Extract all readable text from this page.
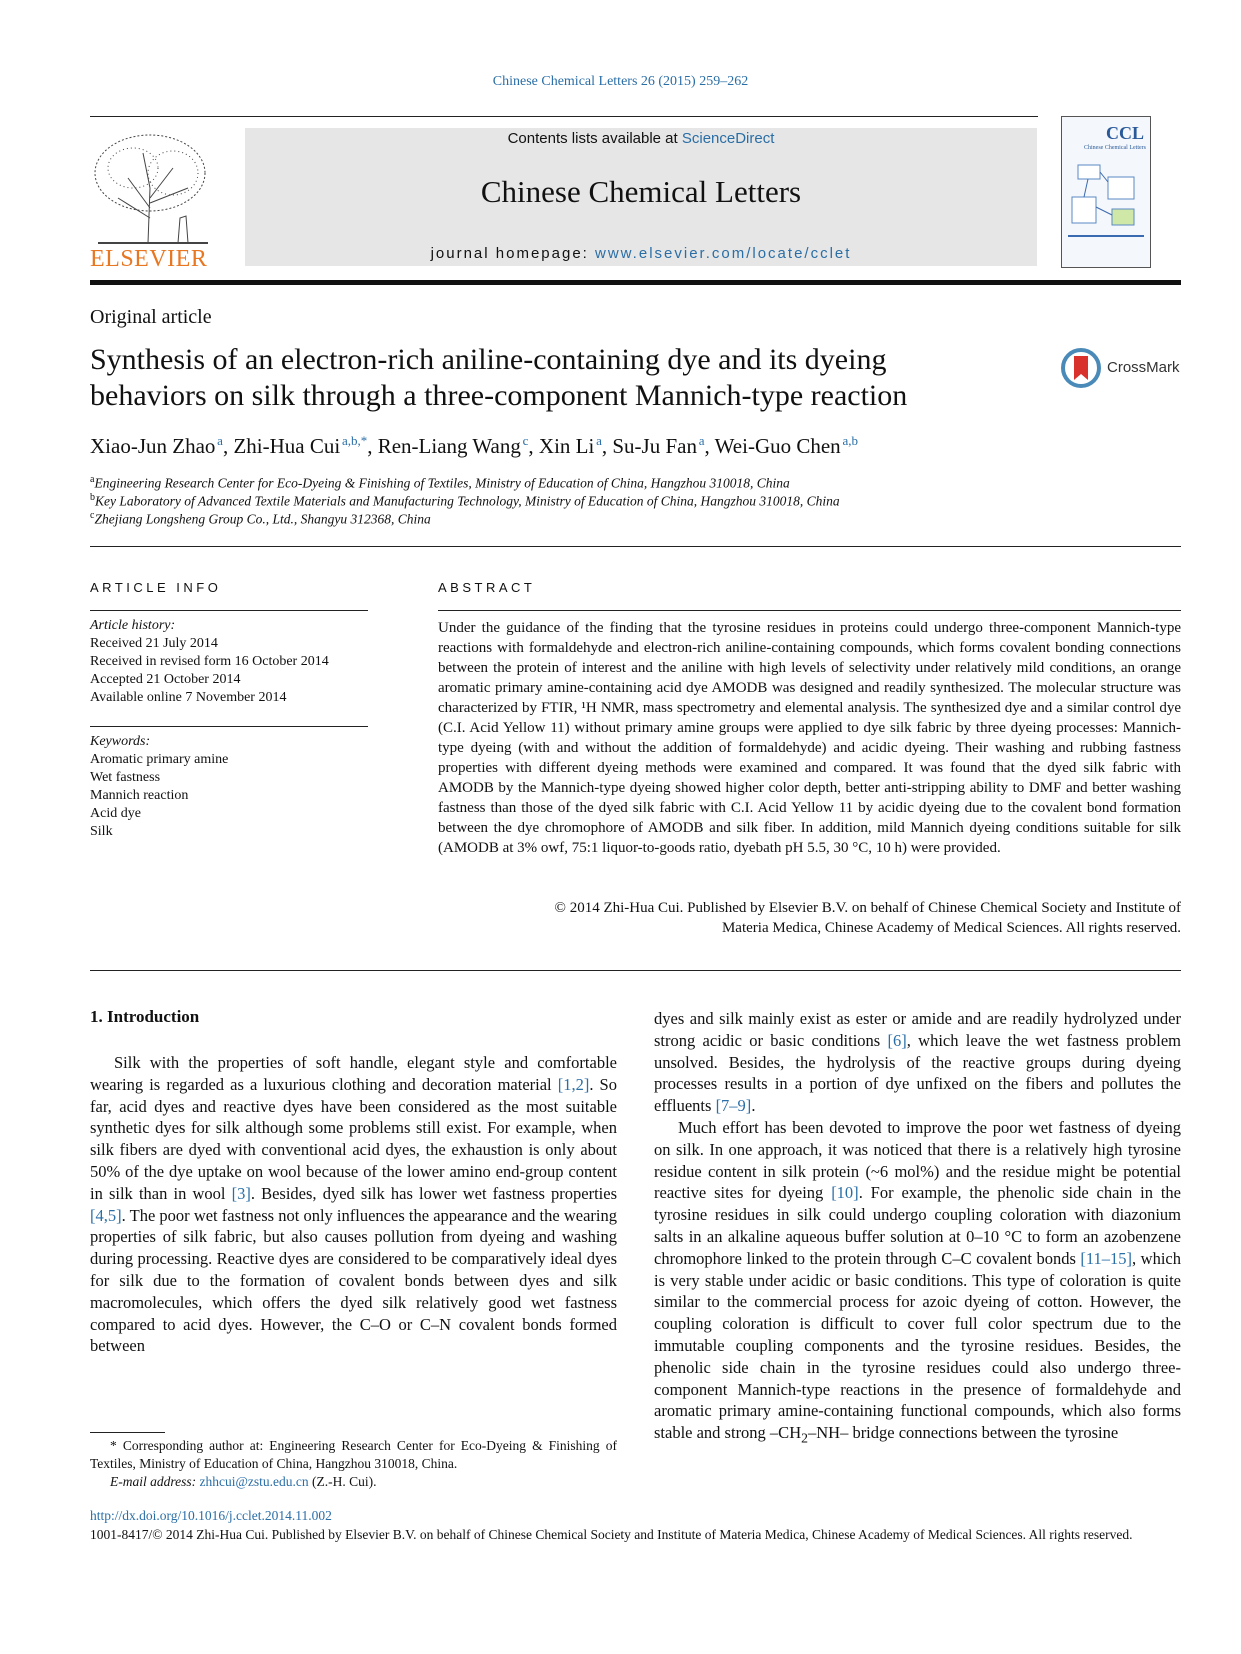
Chinese Chemical Letters 26 (2015) 259–262
ELSEVIER
Contents lists available at ScienceDirect
Chinese Chemical Letters
journal homepage: www.elsevier.com/locate/cclet
CCL
Chinese Chemical Letters
Original article
Synthesis of an electron-rich aniline-containing dye and its dyeing
behaviors on silk through a three-component Mannich-type reaction
CrossMark
Xiao-Jun Zhao  $^a$, Zhi-Hua Cui  $^{a,b,*}$, Ren-Liang Wang  $^c$, Xin Li  $^a$, Su-Ju Fan  $^a$, Wei-Guo Chen  $^{a,b}$
$^a$Engineering Research Center for Eco-Dyeing & Finishing of Textiles, Ministry of Education of China, Hangzhou 310018, China
$^b$Key Laboratory of Advanced Textile Materials and Manufacturing Technology, Ministry of Education of China, Hangzhou 310018, China
$^c$Zhejiang Longsheng Group Co., Ltd., Shangyu 312368, China
ARTICLE INFO
Article history:
Received 21 July 2014
Received in revised form 16 October 2014
Accepted 21 October 2014
Available online 7 November 2014
Keywords:
Aromatic primary amine
Wet fastness
Mannich reaction
Acid dye
Silk
ABSTRACT
Under the guidance of the finding that the tyrosine residues in proteins could undergo three-component Mannich-type reactions with formaldehyde and electron-rich aniline-containing compounds, which forms covalent bonding connections between the protein of interest and the aniline with high levels of selectivity under relatively mild conditions, an orange aromatic primary amine-containing acid dye AMODB was designed and readily synthesized. The molecular structure was characterized by FTIR, ¹H NMR, mass spectrometry and elemental analysis. The synthesized dye and a similar control dye (C.I. Acid Yellow 11) without primary amine groups were applied to dye silk fabric by three dyeing processes: Mannich-type dyeing (with and without the addition of formaldehyde) and acidic dyeing. Their washing and rubbing fastness properties with different dyeing methods were examined and compared. It was found that the dyed silk fabric with AMODB by the Mannich-type dyeing showed higher color depth, better anti-stripping ability to DMF and better washing fastness than those of the dyed silk fabric with C.I. Acid Yellow 11 by acidic dyeing due to the covalent bond formation between the dye chromophore of AMODB and silk fiber. In addition, mild Mannich dyeing conditions suitable for silk (AMODB at 3% owf, 75:1 liquor-to-goods ratio, dyebath pH 5.5, 30 °C, 10 h) were provided.
© 2014 Zhi-Hua Cui. Published by Elsevier B.V. on behalf of Chinese Chemical Society and Institute of
Materia Medica, Chinese Academy of Medical Sciences. All rights reserved.
1. Introduction

Silk with the properties of soft handle, elegant style and comfortable wearing is regarded as a luxurious clothing and decoration material [1,2]. So far, acid dyes and reactive dyes have been considered as the most suitable synthetic dyes for silk although some problems still exist. For example, when silk fibers are dyed with conventional acid dyes, the exhaustion is only about 50% of the dye uptake on wool because of the lower amino end-group content in silk than in wool [3]. Besides, dyed silk has lower wet fastness properties [4,5]. The poor wet fastness not only influences the appearance and the wearing properties of silk fabric, but also causes pollution from dyeing and washing during processing. Reactive dyes are considered to be comparatively ideal dyes for silk due to the formation of covalent bonds between dyes and silk macromolecules, which offers the dyed silk relatively good wet fastness compared to acid dyes. However, the C–O or C–N covalent bonds formed between

dyes and silk mainly exist as ester or amide and are readily hydrolyzed under strong acidic or basic conditions [6], which leave the wet fastness problem unsolved. Besides, the hydrolysis of the reactive groups during dyeing processes results in a portion of dye unfixed on the fibers and pollutes the effluents [7–9].

Much effort has been devoted to improve the poor wet fastness of dyeing on silk. In one approach, it was noticed that there is a relatively high tyrosine residue content in silk protein (~6 mol%) and the residue might be potential reactive sites for dyeing [10]. For example, the phenolic side chain in the tyrosine residues in silk could undergo coupling coloration with diazonium salts in an alkaline aqueous buffer solution at 0–10 °C to form an azobenzene chromophore linked to the protein through C–C covalent bonds [11–15], which is very stable under acidic or basic conditions. This type of coloration is quite similar to the commercial process for azoic dyeing of cotton. However, the coupling coloration is difficult to cover full color spectrum due to the immutable coupling components and the tyrosine residues. Besides, the phenolic side chain in the tyrosine residues could also undergo three-component Mannich-type reactions in the presence of formaldehyde and aromatic primary amine-containing functional compounds, which also forms stable and strong $-CH_2-NH-$ bridge connections between the tyrosine

* Corresponding author at: Engineering Research Center for Eco-Dyeing & Finishing of Textiles, Ministry of Education of China, Hangzhou 310018, China.
E-mail address: zhhcui@zstu.edu.cn (Z.-H. Cui).
http://dx.doi.org/10.1016/j.cclet.2014.11.002
1001-8417/© 2014 Zhi-Hua Cui. Published by Elsevier B.V. on behalf of Chinese Chemical Society and Institute of Materia Medica, Chinese Academy of Medical Sciences. All rights reserved.
